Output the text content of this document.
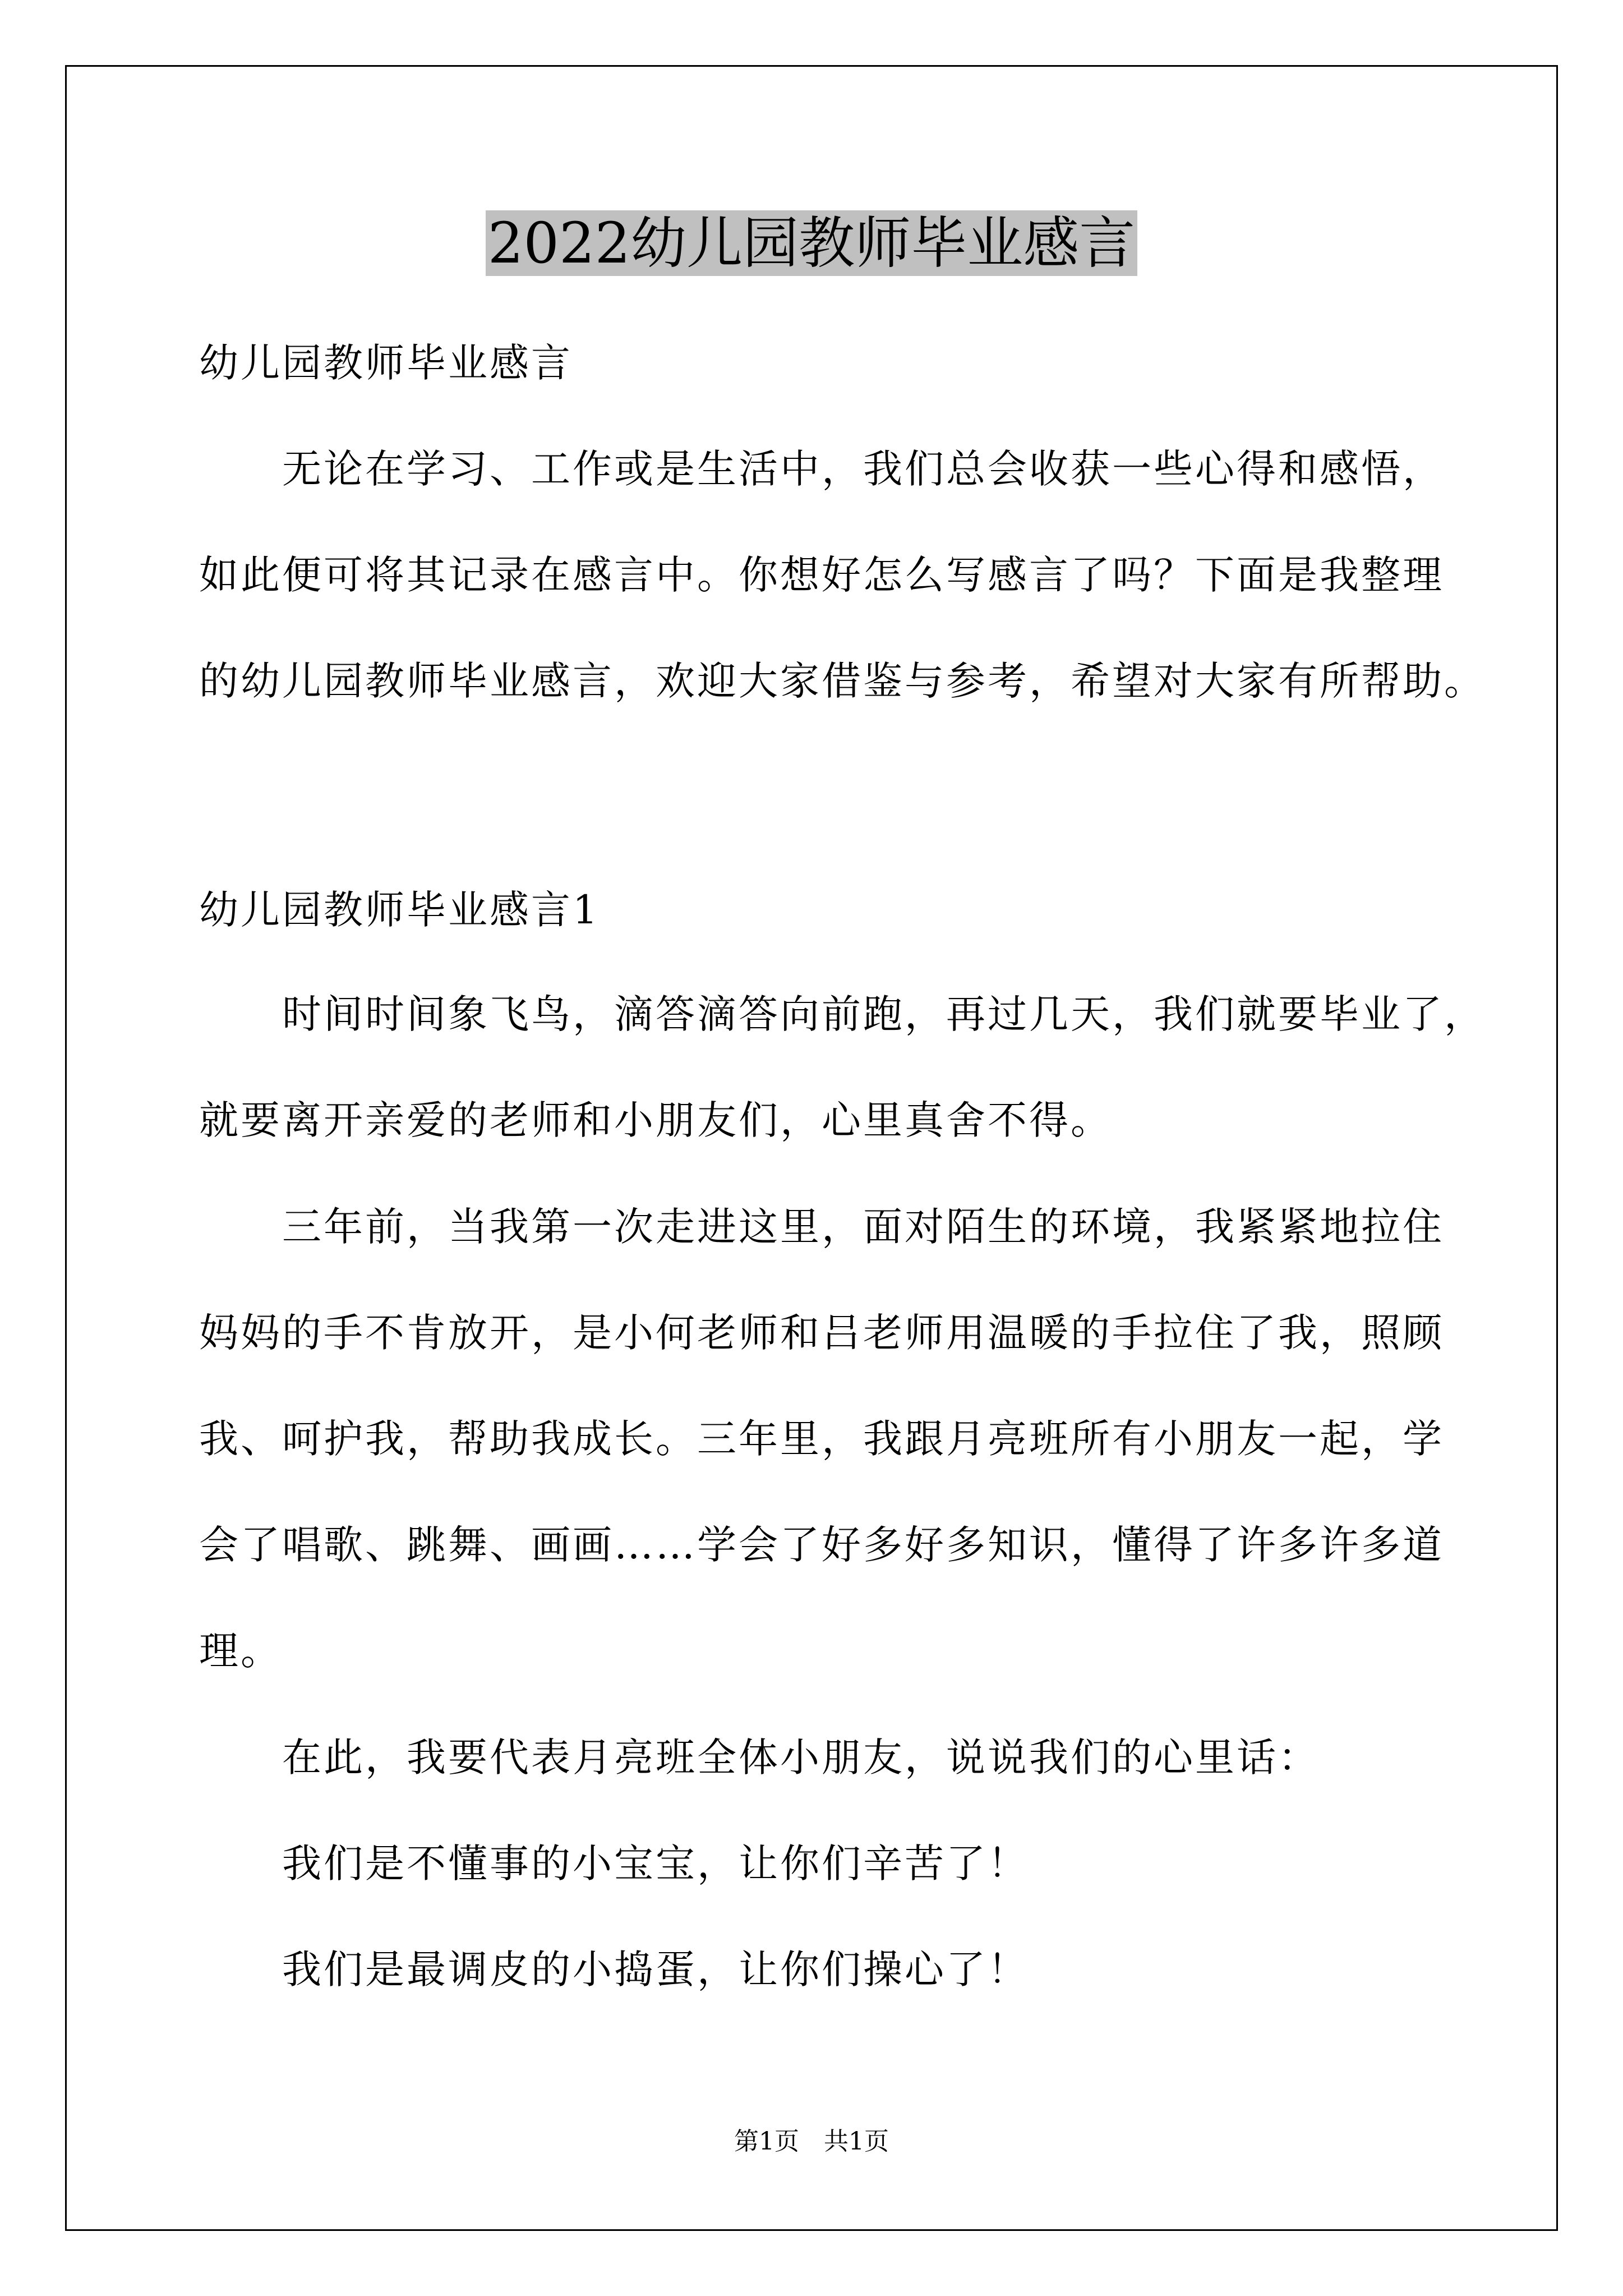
2022幼儿园教师毕业感言

幼儿园教师毕业感言

无论在学习、工作或是生活中，我们总会收获一些心得和感悟，

如此便可将其记录在感言中。你想好怎么写感言了吗？下面是我整理

的幼儿园教师毕业感言，欢迎大家借鉴与参考，希望对大家有所帮助。

幼儿园教师毕业感言1

时间时间象飞鸟，滴答滴答向前跑，再过几天，我们就要毕业了，

就要离开亲爱的老师和小朋友们，心里真舍不得。

三年前，当我第一次走进这里，面对陌生的环境，我紧紧地拉住

妈妈的手不肯放开，是小何老师和吕老师用温暖的手拉住了我，照顾

我、呵护我，帮助我成长。三年里，我跟月亮班所有小朋友一起，学

会了唱歌、跳舞、画画……学会了好多好多知识，懂得了许多许多道

理。

在此，我要代表月亮班全体小朋友，说说我们的心里话：

我们是不懂事的小宝宝，让你们辛苦了！

我们是最调皮的小捣蛋，让你们操心了！

第1页　共1页
